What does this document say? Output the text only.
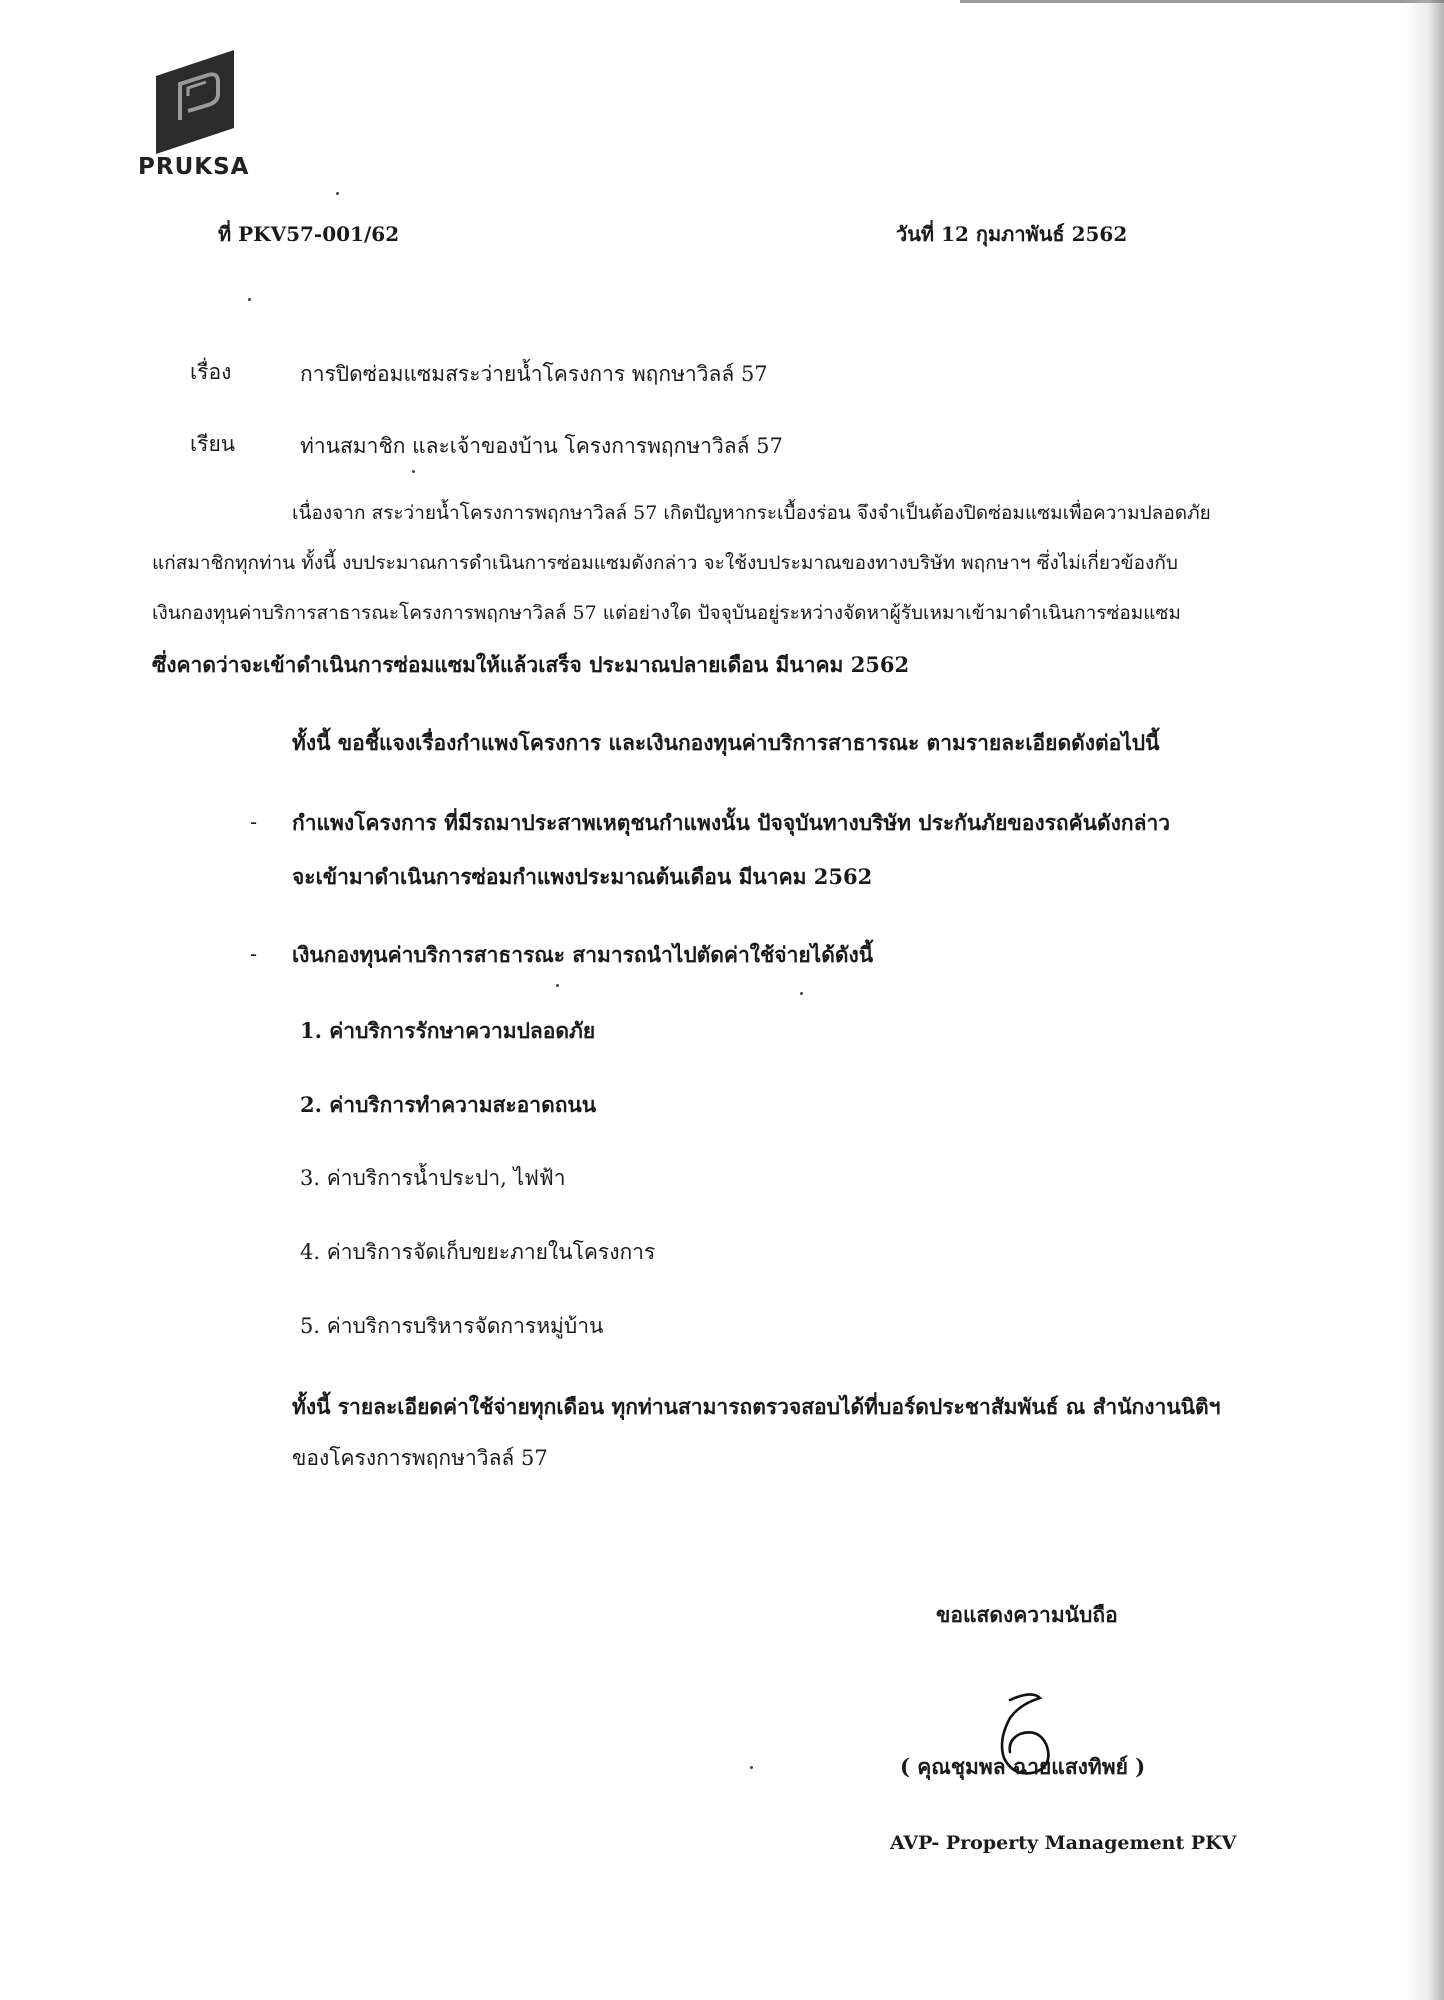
PRUKSA
ที่ PKV57-001/62	วันที่ 12 กุมภาพันธ์ 2562
เรื่อง	การปิดซ่อมแซมสระว่ายน้ำโครงการ พฤกษาวิลล์ 57
เรียน	ท่านสมาชิก และเจ้าของบ้าน โครงการพฤกษาวิลล์ 57
เนื่องจาก สระว่ายน้ำโครงการพฤกษาวิลล์ 57 เกิดปัญหากระเบื้องร่อน จึงจำเป็นต้องปิดซ่อมแซมเพื่อความปลอดภัย
แก่สมาชิกทุกท่าน ทั้งนี้ งบประมาณการดำเนินการซ่อมแซมดังกล่าว จะใช้งบประมาณของทางบริษัท พฤกษาฯ ซึ่งไม่เกี่ยวข้องกับ
เงินกองทุนค่าบริการสาธารณะโครงการพฤกษาวิลล์ 57 แต่อย่างใด ปัจจุบันอยู่ระหว่างจัดหาผู้รับเหมาเข้ามาดำเนินการซ่อมแซม
ซึ่งคาดว่าจะเข้าดำเนินการซ่อมแซมให้แล้วเสร็จ ประมาณปลายเดือน มีนาคม 2562
ทั้งนี้ ขอชี้แจงเรื่องกำแพงโครงการ และเงินกองทุนค่าบริการสาธารณะ ตามรายละเอียดดังต่อไปนี้
- กำแพงโครงการ ที่มีรถมาประสาพเหตุชนกำแพงนั้น ปัจจุบันทางบริษัท ประกันภัยของรถคันดังกล่าว
จะเข้ามาดำเนินการซ่อมกำแพงประมาณต้นเดือน มีนาคม 2562
- เงินกองทุนค่าบริการสาธารณะ สามารถนำไปตัดค่าใช้จ่ายได้ดังนี้
1. ค่าบริการรักษาความปลอดภัย
2. ค่าบริการทำความสะอาดถนน
3. ค่าบริการน้ำประปา, ไฟฟ้า
4. ค่าบริการจัดเก็บขยะภายในโครงการ
5. ค่าบริการบริหารจัดการหมู่บ้าน
ทั้งนี้ รายละเอียดค่าใช้จ่ายทุกเดือน ทุกท่านสามารถตรวจสอบได้ที่บอร์ดประชาสัมพันธ์ ณ สำนักงานนิติฯ
ของโครงการพฤกษาวิลล์ 57
ขอแสดงความนับถือ
( คุณชุมพล ฉายแสงทิพย์ )
AVP- Property Management PKV
